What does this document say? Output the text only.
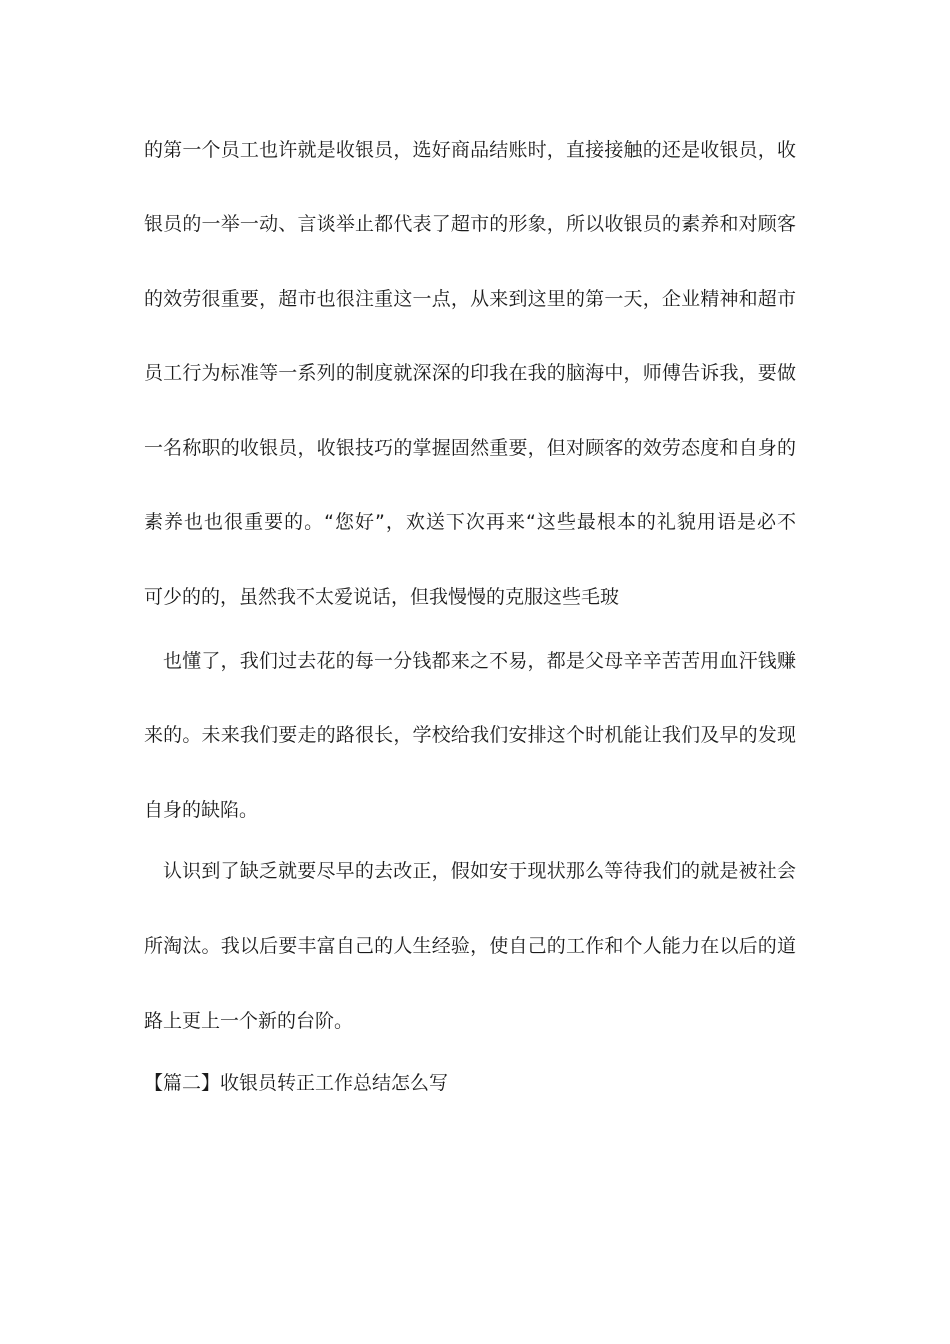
的第一个员工也许就是收银员，选好商品结账时，直接接触的还是收银员，收
银员的一举一动、言谈举止都代表了超市的形象，所以收银员的素养和对顾客
的效劳很重要，超市也很注重这一点，从来到这里的第一天，企业精神和超市
员工行为标准等一系列的制度就深深的印我在我的脑海中，师傅告诉我，要做
一名称职的收银员，收银技巧的掌握固然重要，但对顾客的效劳态度和自身的
素养也也很重要的。“您好”，欢送下次再来“这些最根本的礼貌用语是必不
可少的的，虽然我不太爱说话，但我慢慢的克服这些毛玻
也懂了，我们过去花的每一分钱都来之不易，都是父母辛辛苦苦用血汗钱赚
来的。未来我们要走的路很长，学校给我们安排这个时机能让我们及早的发现
自身的缺陷。
认识到了缺乏就要尽早的去改正，假如安于现状那么等待我们的就是被社会
所淘汰。我以后要丰富自己的人生经验，使自己的工作和个人能力在以后的道
路上更上一个新的台阶。
【篇二】收银员转正工作总结怎么写
